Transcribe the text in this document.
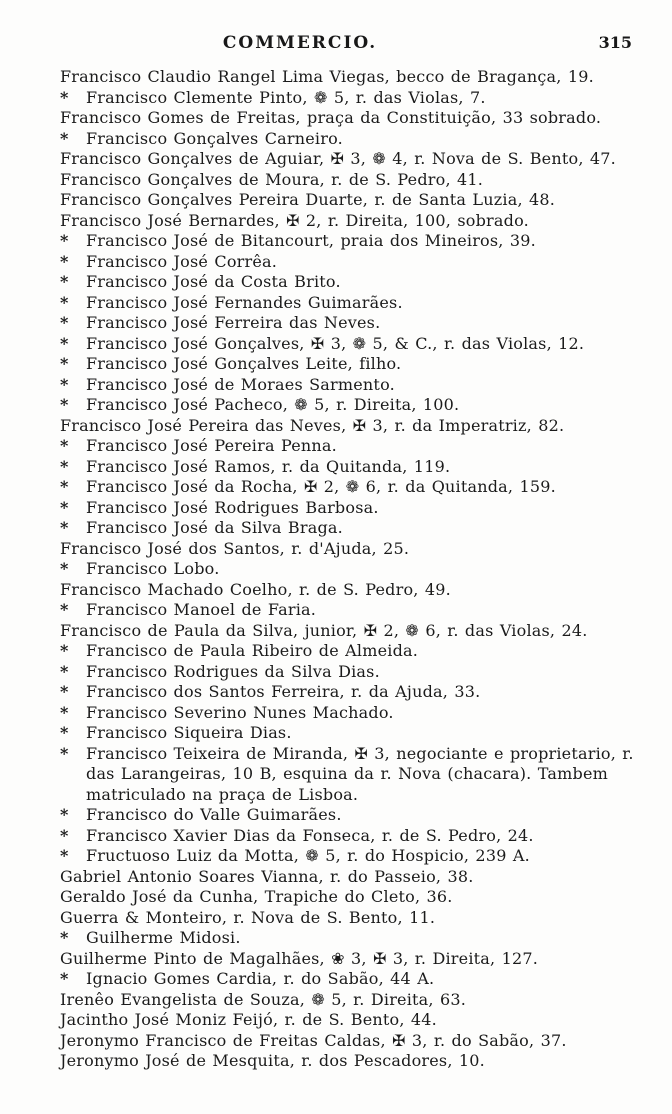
COMMERCIO.	315
Francisco Claudio Rangel Lima Viegas, becco de Bragança, 19.
* Francisco Clemente Pinto, ❁ 5, r. das Violas, 7.
Francisco Gomes de Freitas, praça da Constituição, 33 sobrado.
* Francisco Gonçalves Carneiro.
Francisco Gonçalves de Aguiar, ✠ 3, ❁ 4, r. Nova de S. Bento, 47.
Francisco Gonçalves de Moura, r. de S. Pedro, 41.
Francisco Gonçalves Pereira Duarte, r. de Santa Luzia, 48.
Francisco José Bernardes, ✠ 2, r. Direita, 100, sobrado.
* Francisco José de Bitancourt, praia dos Mineiros, 39.
* Francisco José Corrêa.
* Francisco José da Costa Brito.
* Francisco José Fernandes Guimarães.
* Francisco José Ferreira das Neves.
* Francisco José Gonçalves, ✠ 3, ❁ 5, & C., r. das Violas, 12.
* Francisco José Gonçalves Leite, filho.
* Francisco José de Moraes Sarmento.
* Francisco José Pacheco, ❁ 5, r. Direita, 100.
Francisco José Pereira das Neves, ✠ 3, r. da Imperatriz, 82.
* Francisco José Pereira Penna.
* Francisco José Ramos, r. da Quitanda, 119.
* Francisco José da Rocha, ✠ 2, ❁ 6, r. da Quitanda, 159.
* Francisco José Rodrigues Barbosa.
* Francisco José da Silva Braga.
Francisco José dos Santos, r. d'Ajuda, 25.
* Francisco Lobo.
Francisco Machado Coelho, r. de S. Pedro, 49.
* Francisco Manoel de Faria.
Francisco de Paula da Silva, junior, ✠ 2, ❁ 6, r. das Violas, 24.
* Francisco de Paula Ribeiro de Almeida.
* Francisco Rodrigues da Silva Dias.
* Francisco dos Santos Ferreira, r. da Ajuda, 33.
* Francisco Severino Nunes Machado.
* Francisco Siqueira Dias.
* Francisco Teixeira de Miranda, ✠ 3, negociante e proprietario, r. das Larangeiras, 10 B, esquina da r. Nova (chacara). Tambem matriculado na praça de Lisboa.
* Francisco do Valle Guimarães.
* Francisco Xavier Dias da Fonseca, r. de S. Pedro, 24.
* Fructuoso Luiz da Motta, ❁ 5, r. do Hospicio, 239 A.
Gabriel Antonio Soares Vianna, r. do Passeio, 38.
Geraldo José da Cunha, Trapiche do Cleto, 36.
Guerra & Monteiro, r. Nova de S. Bento, 11.
* Guilherme Midosi.
Guilherme Pinto de Magalhães, ❀ 3, ✠ 3, r. Direita, 127.
* Ignacio Gomes Cardia, r. do Sabão, 44 A.
Irenêo Evangelista de Souza, ❁ 5, r. Direita, 63.
Jacintho José Moniz Feijó, r. de S. Bento, 44.
Jeronymo Francisco de Freitas Caldas, ✠ 3, r. do Sabão, 37.
Jeronymo José de Mesquita, r. dos Pescadores, 10.
